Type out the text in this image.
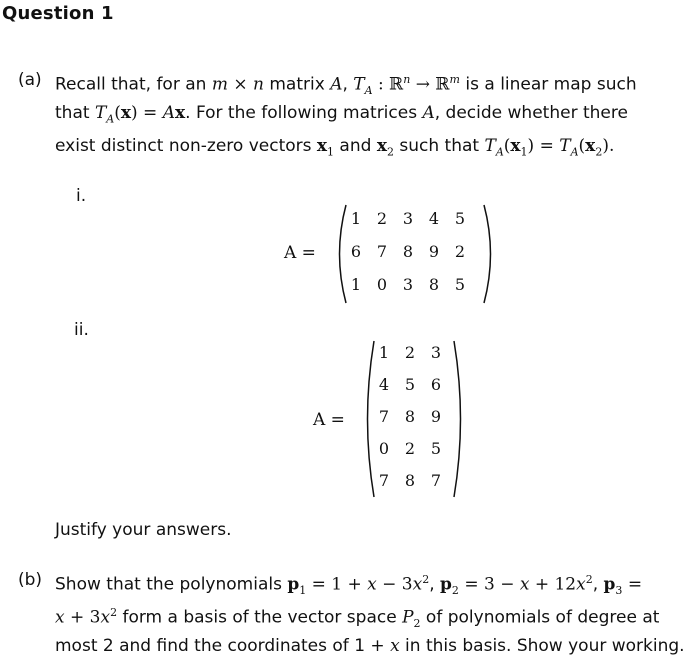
Question 1
(a) Recall that, for an m × n matrix A, $T_A$ : ℝ$^n$ → ℝ$^m$ is a linear map such
that $T_A(x) = Ax$. For the following matrices A, decide whether there
exist distinct non-zero vectors $x_1$ and $x_2$ such that $T_A(x_1) = T_A(x_2)$.
i.
A =
1 2 3 4 5
6 7 8 9 2
1 0 3 8 5
ii.
A =
1 2 3
4 5 6
7 8 9
0 2 5
7 8 7
Justify your answers.
(b) Show that the polynomials $p_1 = 1 + x - 3x^2$, $p_2 = 3 - x + 12x^2$, $p_3$ =
$x + 3x^2$ form a basis of the vector space $P_2$ of polynomials of degree at
most 2 and find the coordinates of 1 + x in this basis. Show your working.
